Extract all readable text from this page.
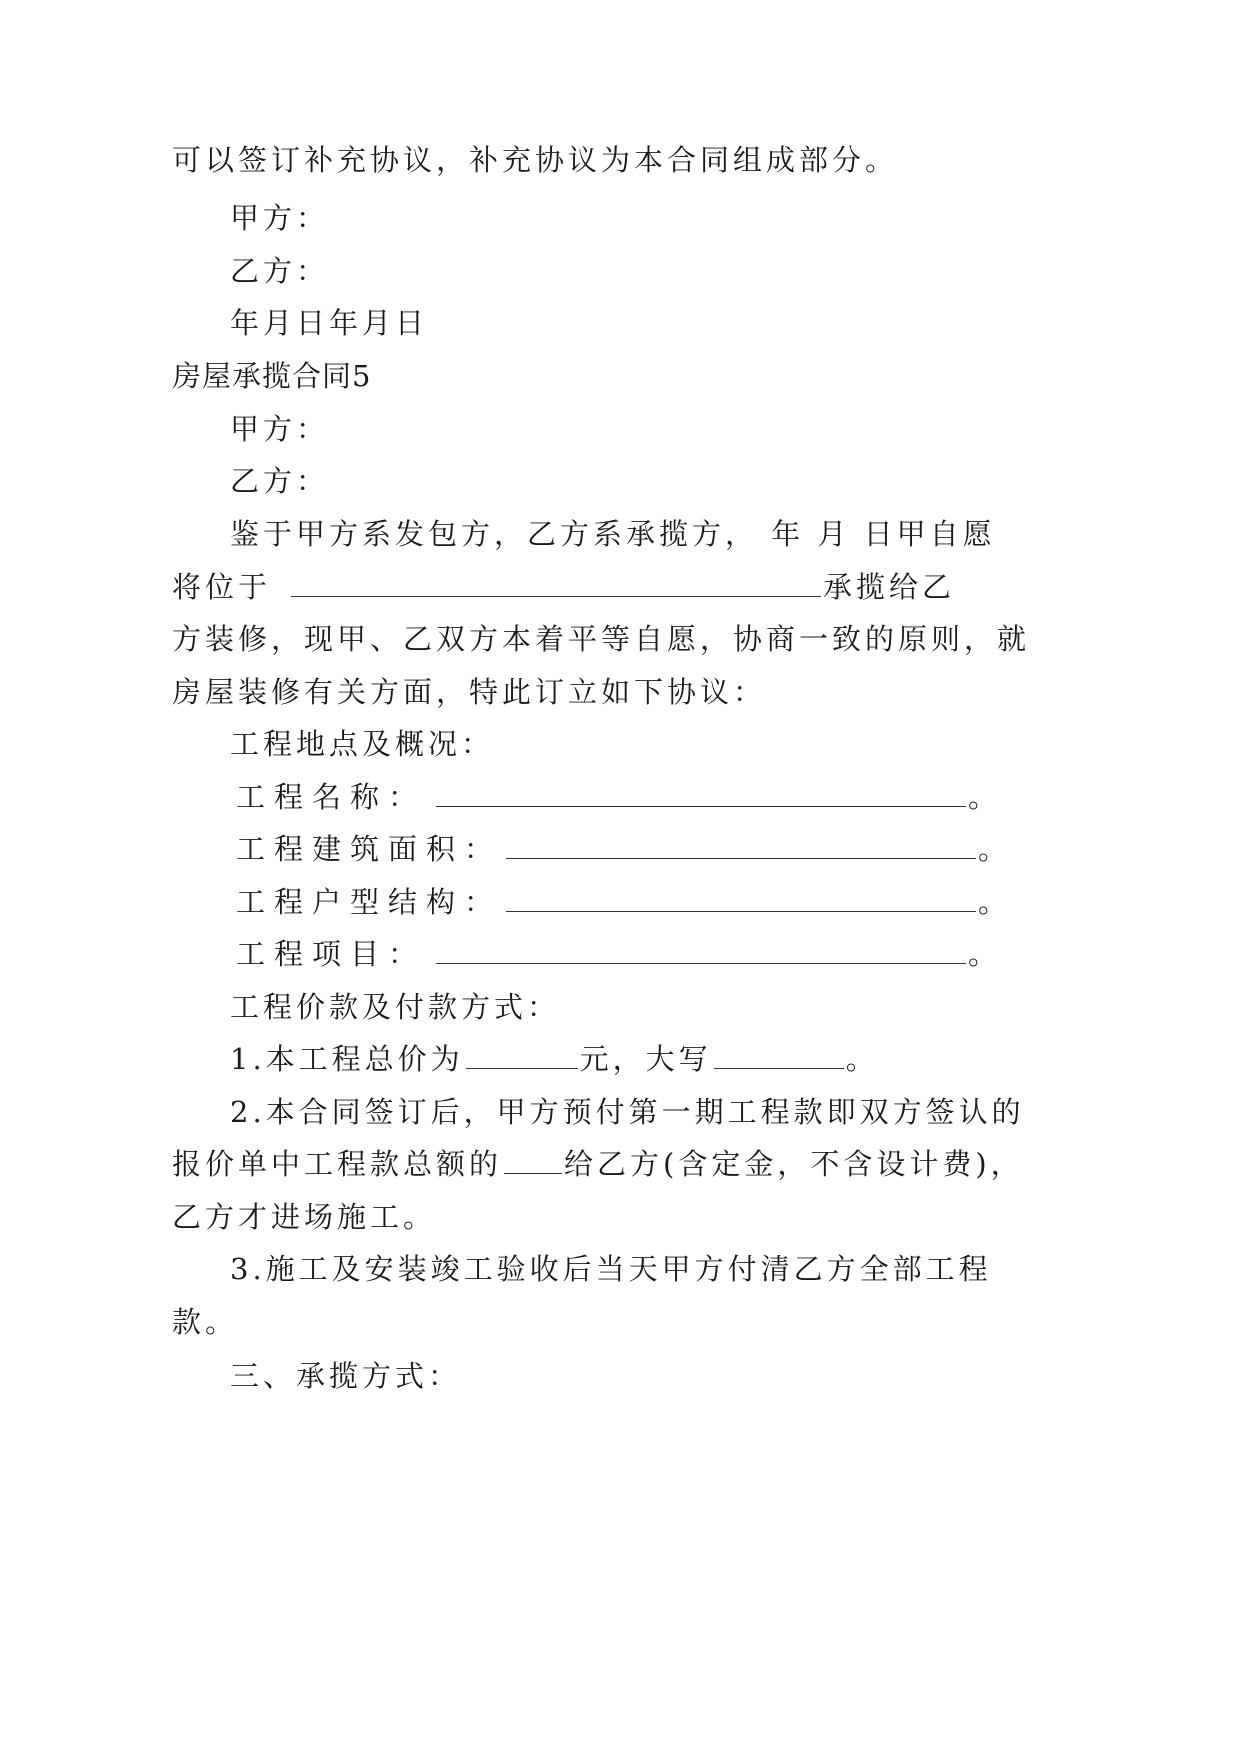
可以签订补充协议，补充协议为本合同组成部分。
甲方：
乙方：
年月日年月日
房屋承揽合同5
甲方：
乙方：
鉴于甲方系发包方，乙方系承揽方， 年 月 日甲自愿
将位于	承揽给乙
方装修，现甲、乙双方本着平等自愿，协商一致的原则，就
房屋装修有关方面，特此订立如下协议：
工程地点及概况：
工程名称：	。
工程建筑面积：	。
工程户型结构：	。
工程项目：	。
工程价款及付款方式：
1.本工程总价为	元，大写	。
2.本合同签订后，甲方预付第一期工程款即双方签认的
报价单中工程款总额的 给乙方(含定金，不含设计费)，
乙方才进场施工。
3.施工及安装竣工验收后当天甲方付清乙方全部工程
款。
三、承揽方式：
